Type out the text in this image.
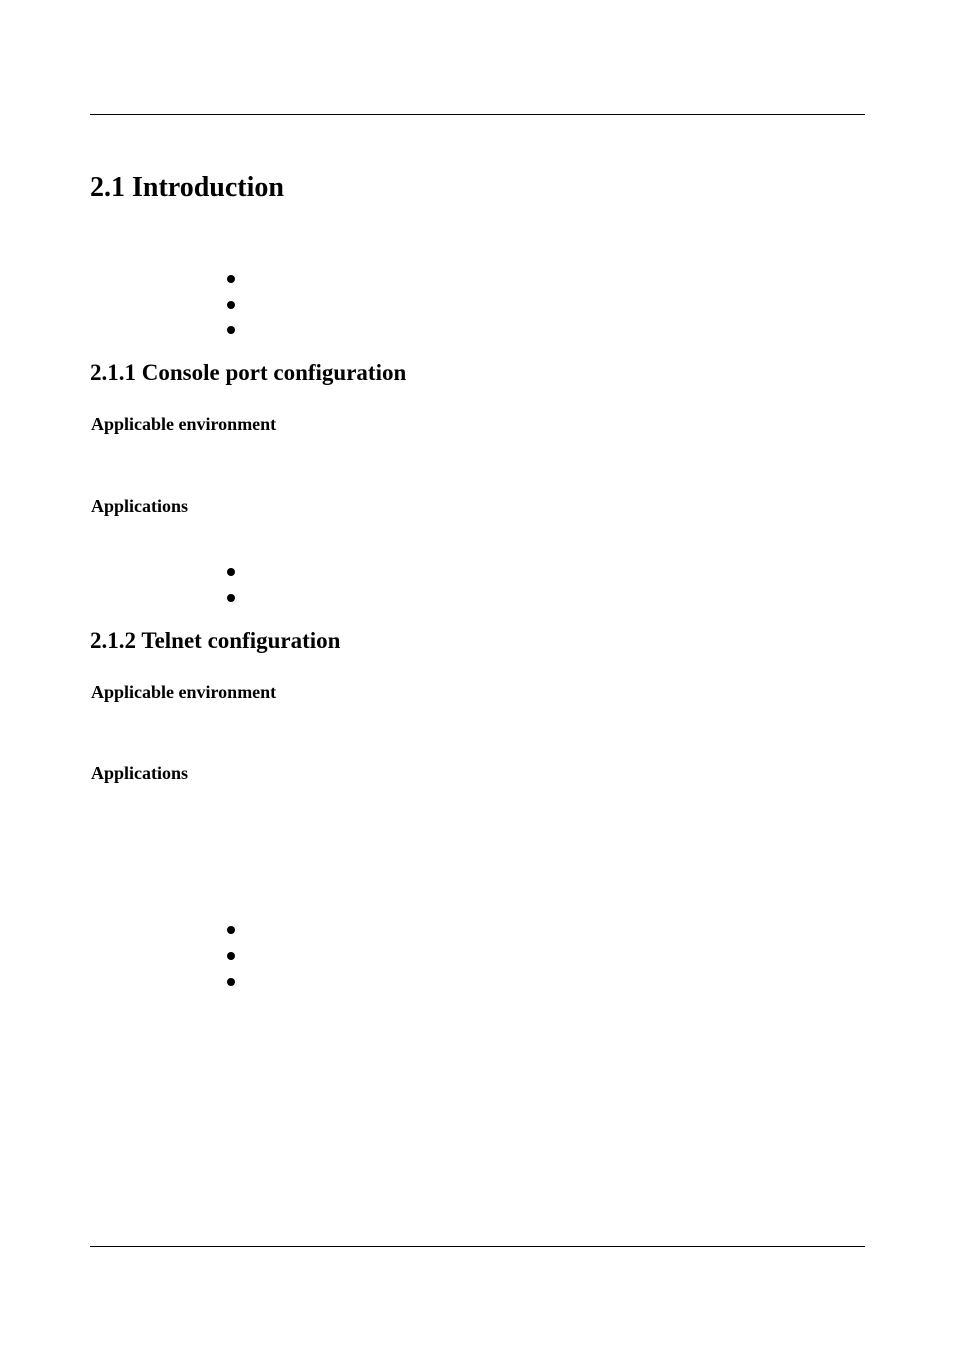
2.1 Introduction
2.1.1 Console port configuration
Applicable environment
Applications
2.1.2 Telnet configuration
Applicable environment
Applications
